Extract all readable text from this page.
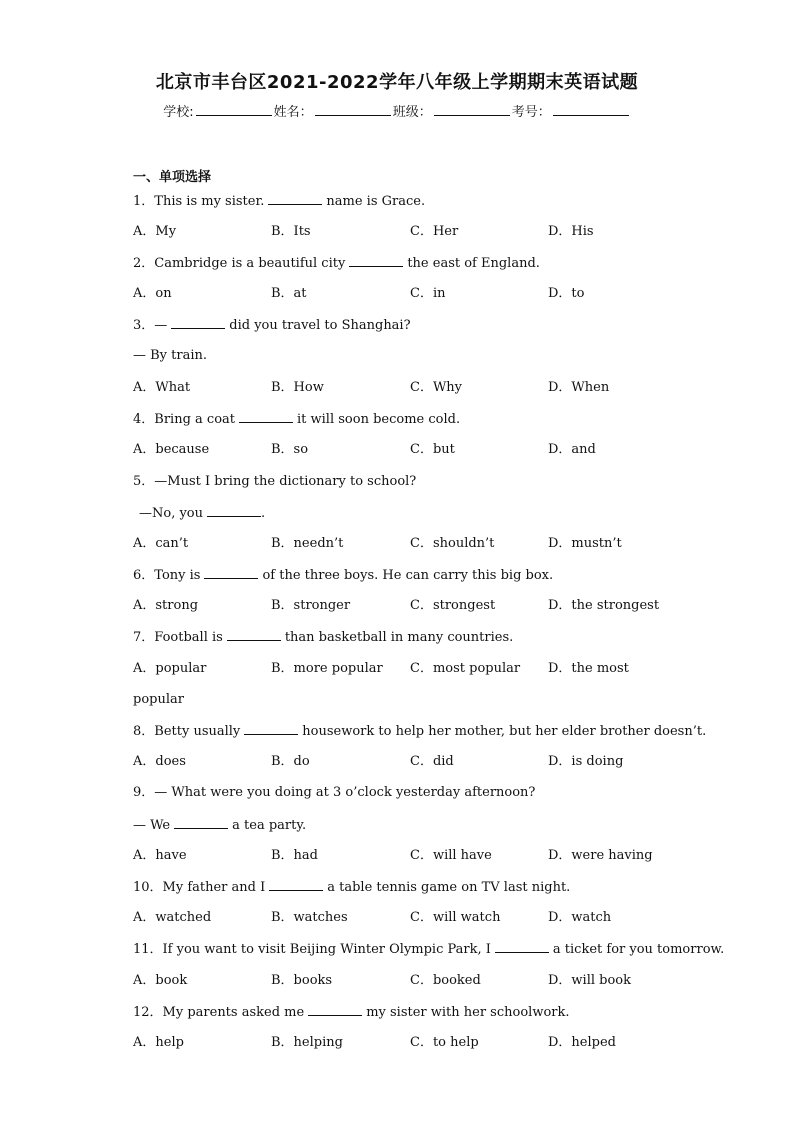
北京市丰台区2021-2022学年八年级上学期期末英语试题
学校:	姓名：	班级：	考号：
一、单项选择
1．This is my sister.	name is Grace.
A．My	B．Its	C．Her	D．His
2．Cambridge is a beautiful city	the east of England.
A．on	B．at	C．in	D．to
3．—	did you travel to Shanghai?
— By train.
A．What	B．How	C．Why	D．When
4．Bring a coat	it will soon become cold.
A．because	B．so	C．but	D．and
5．—Must I bring the dictionary to school?
—No, you	.
A．can’t	B．needn’t	C．shouldn’t	D．mustn’t
6．Tony is	of the three boys. He can carry this big box.
A．strong	B．stronger	C．strongest	D．the strongest
7．Football is	than basketball in many countries.
A．popular	B．more popular C．most popular D．the most
popular
8．Betty usually	housework to help her mother, but her elder brother doesn’t.
A．does	B．do	C．did	D．is doing
9．— What were you doing at 3 o’clock yesterday afternoon?
— We	a tea party.
A．have	B．had	C．will have	D．were having
10．My father and I	a table tennis game on TV last night.
A．watched	B．watches	C．will watch	D．watch
11．If you want to visit Beijing Winter Olympic Park, I	a ticket for you tomorrow.
A．book	B．books	C．booked	D．will book
12．My parents asked me	my sister with her schoolwork.
A．help	B．helping	C．to help	D．helped
